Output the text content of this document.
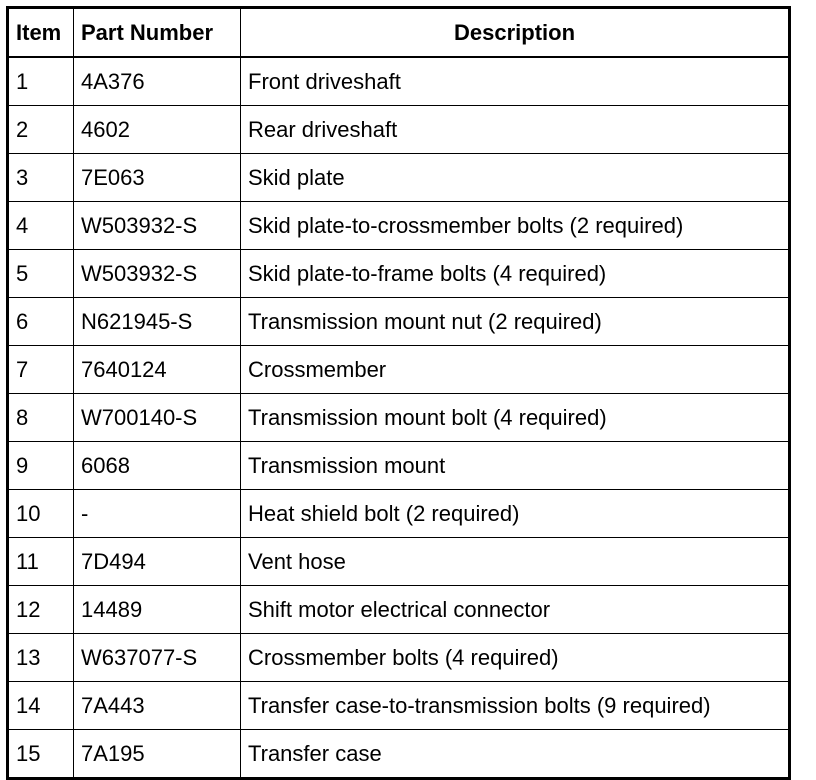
Item	Part Number	Description
1	4A376	Front driveshaft
2	4602	Rear driveshaft
3	7E063	Skid plate
4	W503932-S	Skid plate-to-crossmember bolts (2 required)
5	W503932-S	Skid plate-to-frame bolts (4 required)
6	N621945-S	Transmission mount nut (2 required)
7	7640124	Crossmember
8	W700140-S	Transmission mount bolt (4 required)
9	6068	Transmission mount
10	-	Heat shield bolt (2 required)
11	7D494	Vent hose
12	14489	Shift motor electrical connector
13	W637077-S	Crossmember bolts (4 required)
14	7A443	Transfer case-to-transmission bolts (9 required)
15	7A195	Transfer case
